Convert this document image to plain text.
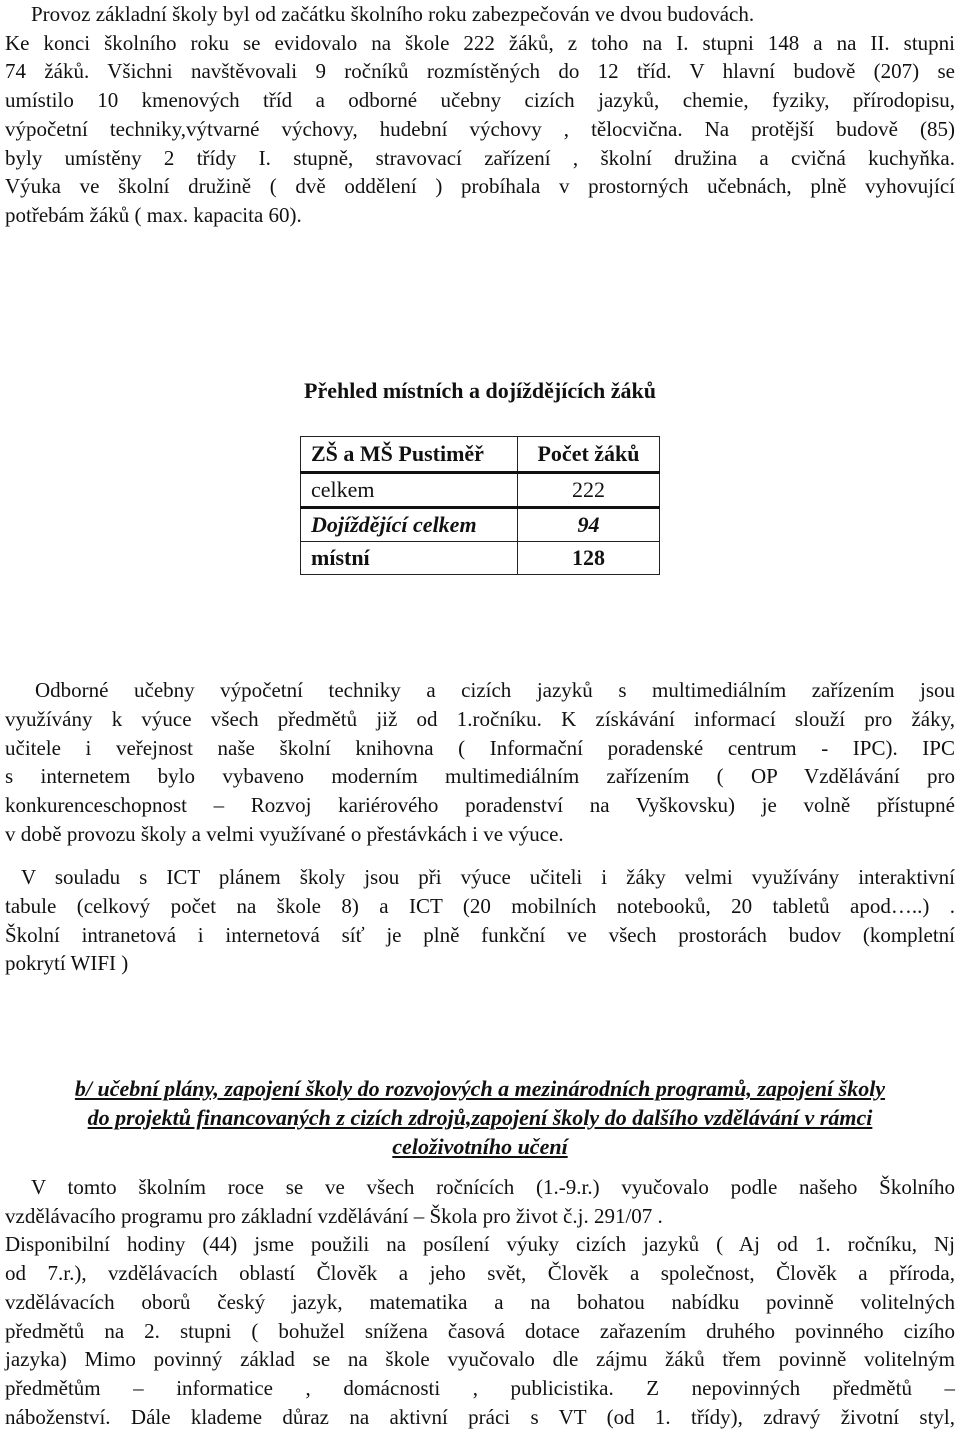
Provoz základní školy byl od začátku školního roku zabezpečován ve dvou budovách.
Ke konci školního roku se evidovalo na škole 222 žáků, z toho na I. stupni 148 a na II. stupni
74 žáků. Všichni navštěvovali 9 ročníků rozmístěných do 12 tříd. V hlavní budově (207) se
umístilo 10 kmenových tříd a odborné učebny cizích jazyků, chemie, fyziky, přírodopisu,
výpočetní techniky,výtvarné výchovy, hudební výchovy , tělocvična. Na protější budově (85)
byly umístěny 2 třídy I. stupně, stravovací zařízení , školní družina a cvičná kuchyňka.
Výuka ve školní družině ( dvě oddělení ) probíhala v prostorných učebnách, plně vyhovující
potřebám žáků ( max. kapacita 60).

Přehled místních a dojíždějících žáků
ZŠ a MŠ Pustiměř	Počet žáků
celkem	222
Dojíždějící celkem	94
místní	128

Odborné učebny výpočetní techniky a cizích jazyků s multimediálním zařízením jsou
využívány k výuce všech předmětů již od 1.ročníku. K získávání informací slouží pro žáky,
učitele i veřejnost naše školní knihovna ( Informační poradenské centrum - IPC). IPC
s internetem bylo vybaveno moderním multimediálním zařízením ( OP Vzdělávání pro
konkurenceschopnost – Rozvoj kariérového poradenství na Vyškovsku) je volně přístupné
v době provozu školy a velmi využívané o přestávkách i ve výuce.

V souladu s ICT plánem školy jsou při výuce učiteli i žáky velmi využívány interaktivní
tabule (celkový počet na škole 8) a ICT (20 mobilních notebooků, 20 tabletů apod…..) .
Školní intranetová i internetová síť je plně funkční ve všech prostorách budov (kompletní
pokrytí WIFI )

b/ učební plány, zapojení školy do rozvojových a mezinárodních programů, zapojení školy
do projektů financovaných z cizích zdrojů,zapojení školy do dalšího vzdělávání v rámci
celoživotního učení

V tomto školním roce se ve všech ročnících (1.-9.r.) vyučovalo podle našeho Školního
vzdělávacího programu pro základní vzdělávání – Škola pro život č.j. 291/07 .
Disponibilní hodiny (44) jsme použili na posílení výuky cizích jazyků ( Aj od 1. ročníku, Nj
od 7.r.), vzdělávacích oblastí Člověk a jeho svět, Člověk a společnost, Člověk a příroda,
vzdělávacích oborů český jazyk, matematika a na bohatou nabídku povinně volitelných
předmětů na 2. stupni ( bohužel snížena časová dotace zařazením druhého povinného cizího
jazyka) Mimo povinný základ se na škole vyučovalo dle zájmu žáků třem povinně volitelným
předmětům – informatice , domácnosti , publicistika. Z nepovinných předmětů –
náboženství. Dále klademe důraz na aktivní práci s VT (od 1. třídy), zdravý životní styl,
